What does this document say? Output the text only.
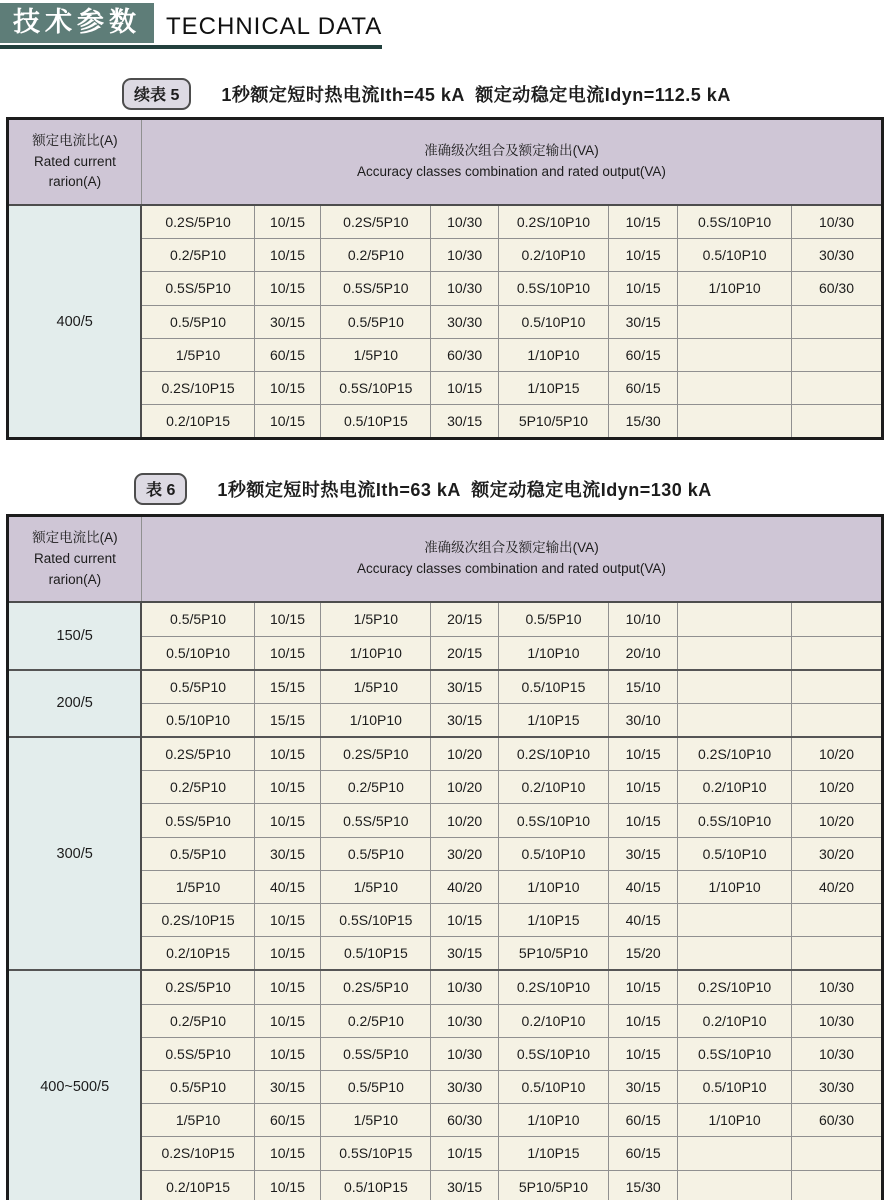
技术参数	TECHNICAL DATA
续表 5	1秒额定短时热电流Ith=45 kA  额定动稳定电流Idyn=112.5 kA
额定电流比(A)
Rated current
rarion(A)

准确级次组合及额定输出(VA)
Accuracy classes combination and rated output(VA)

400/5	0.2S/5P10	10/15	0.2S/5P10	10/30	0.2S/10P10	10/15	0.5S/10P10	10/30
	0.2/5P10	10/15	0.2/5P10	10/30	0.2/10P10	10/15	0.5/10P10	30/30
	0.5S/5P10	10/15	0.5S/5P10	10/30	0.5S/10P10	10/15	1/10P10	60/30
	0.5/5P10	30/15	0.5/5P10	30/30	0.5/10P10	30/15		
	1/5P10	60/15	1/5P10	60/30	1/10P10	60/15		
	0.2S/10P15	10/15	0.5S/10P15	10/15	1/10P15	60/15		
	0.2/10P15	10/15	0.5/10P15	30/15	5P10/5P10	15/30		
表 6	1秒额定短时热电流Ith=63 kA  额定动稳定电流Idyn=130 kA
额定电流比(A)
Rated current
rarion(A)

准确级次组合及额定输出(VA)
Accuracy classes combination and rated output(VA)

150/5	0.5/5P10	10/15	1/5P10	20/15	0.5/5P10	10/10		
	0.5/10P10	10/15	1/10P10	20/15	1/10P10	20/10		
200/5	0.5/5P10	15/15	1/5P10	30/15	0.5/10P15	15/10		
	0.5/10P10	15/15	1/10P10	30/15	1/10P15	30/10		
300/5	0.2S/5P10	10/15	0.2S/5P10	10/20	0.2S/10P10	10/15	0.2S/10P10	10/20
	0.2/5P10	10/15	0.2/5P10	10/20	0.2/10P10	10/15	0.2/10P10	10/20
	0.5S/5P10	10/15	0.5S/5P10	10/20	0.5S/10P10	10/15	0.5S/10P10	10/20
	0.5/5P10	30/15	0.5/5P10	30/20	0.5/10P10	30/15	0.5/10P10	30/20
	1/5P10	40/15	1/5P10	40/20	1/10P10	40/15	1/10P10	40/20
	0.2S/10P15	10/15	0.5S/10P15	10/15	1/10P15	40/15		
	0.2/10P15	10/15	0.5/10P15	30/15	5P10/5P10	15/20		
400~500/5	0.2S/5P10	10/15	0.2S/5P10	10/30	0.2S/10P10	10/15	0.2S/10P10	10/30
	0.2/5P10	10/15	0.2/5P10	10/30	0.2/10P10	10/15	0.2/10P10	10/30
	0.5S/5P10	10/15	0.5S/5P10	10/30	0.5S/10P10	10/15	0.5S/10P10	10/30
	0.5/5P10	30/15	0.5/5P10	30/30	0.5/10P10	30/15	0.5/10P10	30/30
	1/5P10	60/15	1/5P10	60/30	1/10P10	60/15	1/10P10	60/30
	0.2S/10P15	10/15	0.5S/10P15	10/15	1/10P15	60/15		
	0.2/10P15	10/15	0.5/10P15	30/15	5P10/5P10	15/30		
